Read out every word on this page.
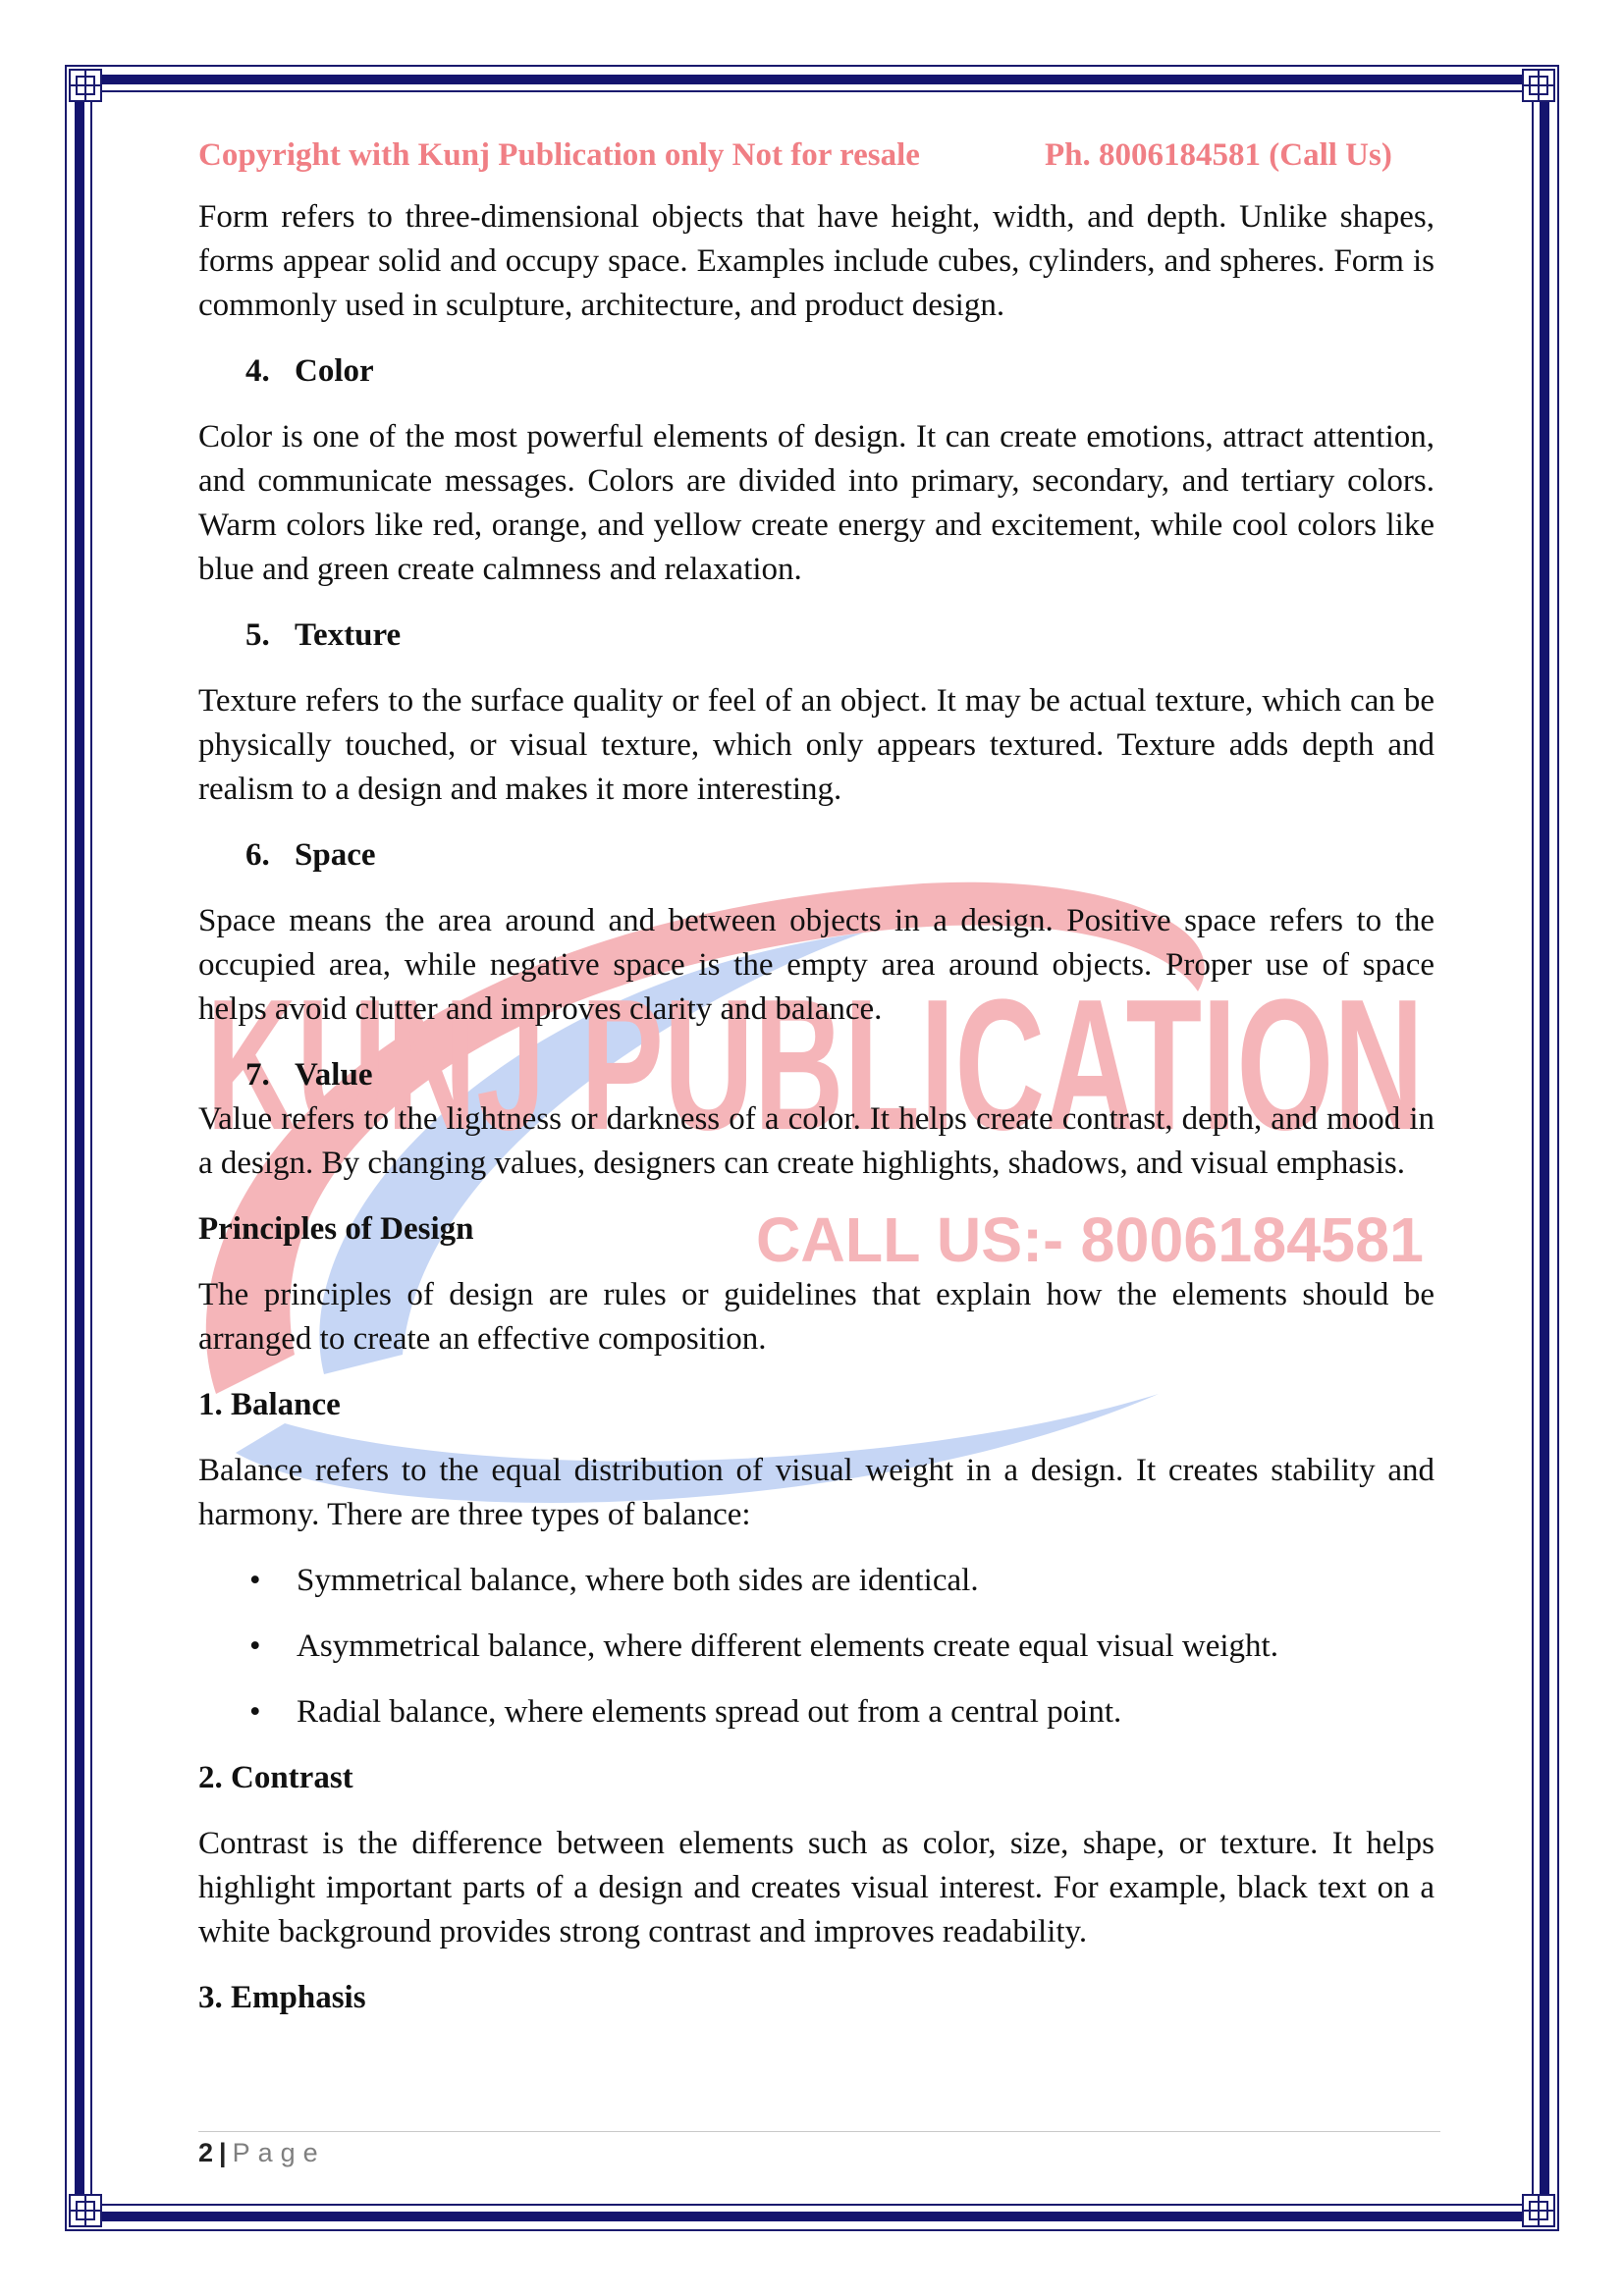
KUNJ PUBLICATION
CALL US:- 8006184581
Copyright with Kunj Publication only Not for resale	Ph. 8006184581 (Call Us)

Form refers to three-dimensional objects that have height, width, and depth. Unlike shapes, forms appear solid and occupy space. Examples include cubes, cylinders, and spheres. Form is commonly used in sculpture, architecture, and product design.

4. Color

Color is one of the most powerful elements of design. It can create emotions, attract attention, and communicate messages. Colors are divided into primary, secondary, and tertiary colors. Warm colors like red, orange, and yellow create energy and excitement, while cool colors like blue and green create calmness and relaxation.

5. Texture

Texture refers to the surface quality or feel of an object. It may be actual texture, which can be physically touched, or visual texture, which only appears textured. Texture adds depth and realism to a design and makes it more interesting.

6. Space

Space means the area around and between objects in a design. Positive space refers to the occupied area, while negative space is the empty area around objects. Proper use of space helps avoid clutter and improves clarity and balance.

7. Value

Value refers to the lightness or darkness of a color. It helps create contrast, depth, and mood in a design. By changing values, designers can create highlights, shadows, and visual emphasis.

Principles of Design

The principles of design are rules or guidelines that explain how the elements should be arranged to create an effective composition.

1. Balance

Balance refers to the equal distribution of visual weight in a design. It creates stability and harmony. There are three types of balance:

• Symmetrical balance, where both sides are identical.
• Asymmetrical balance, where different elements create equal visual weight.
• Radial balance, where elements spread out from a central point.
2. Contrast

Contrast is the difference between elements such as color, size, shape, or texture. It helps highlight important parts of a design and creates visual interest. For example, black text on a white background provides strong contrast and improves readability.

3. Emphasis
2 | Page
